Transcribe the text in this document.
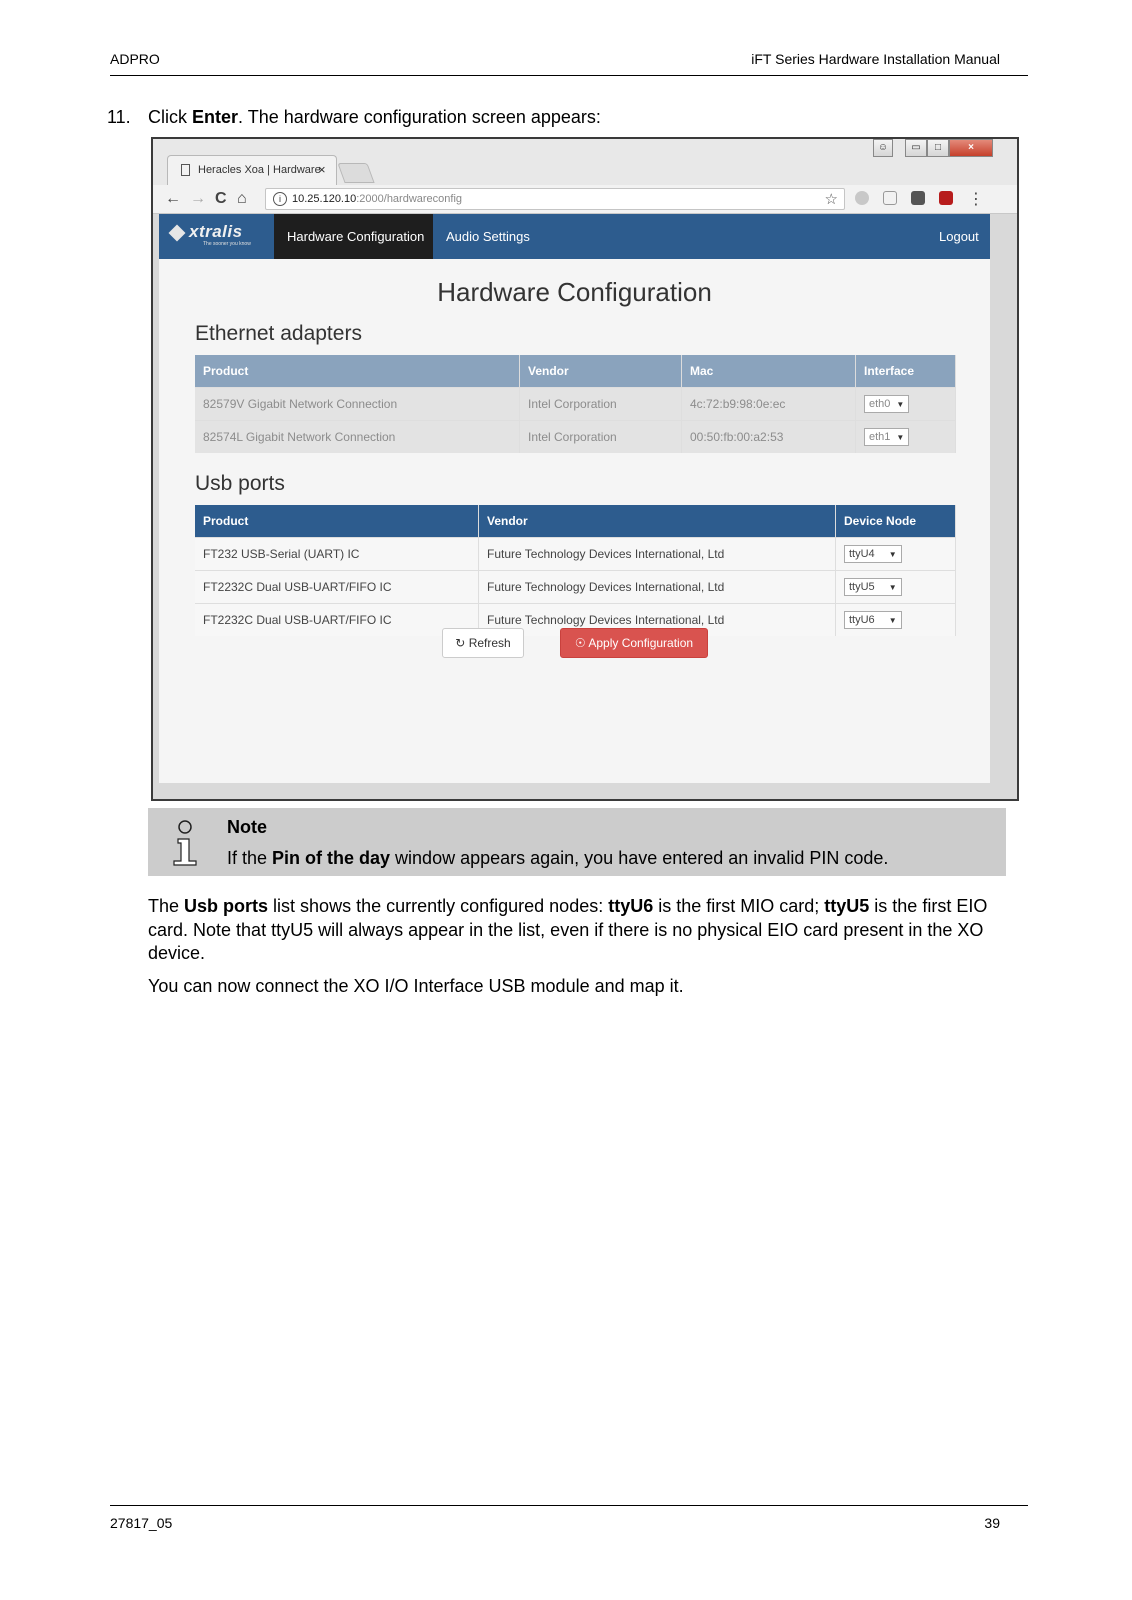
ADPRO	iFT Series Hardware Installation Manual
11. Click Enter. The hardware configuration screen appears:
Heracles Xoa | Hardware
×
☺	▭	□	×
← → C ⌂	i	10.25.120.10:2000/hardwareconfig	☆	⋮
xtralis
The sooner you know	Hardware Configuration Audio Settings	Logout
Hardware Configuration
Ethernet adapters
Product	Vendor	Mac	Interface
82579V Gigabit Network Connection	Intel Corporation	4c:72:b9:98:0e:ec	eth0 ▼
82574L Gigabit Network Connection	Intel Corporation	00:50:fb:00:a2:53	eth1 ▼
Usb ports
Product	Vendor	Device Node
FT232 USB-Serial (UART) IC	Future Technology Devices International, Ltd	ttyU4 ▼
FT2232C Dual USB-UART/FIFO IC	Future Technology Devices International, Ltd	ttyU5 ▼
FT2232C Dual USB-UART/FIFO IC	Future Technology Devices International, Ltd	ttyU6 ▼
↻ Refresh	☉ Apply Configuration
Note
If the Pin of the day window appears again, you have entered an invalid PIN code.
The Usb ports list shows the currently configured nodes: ttyU6 is the first MIO card; ttyU5 is the first EIO card. Note that ttyU5 will always appear in the list, even if there is no physical EIO card present in the XO device.
You can now connect the XO I/O Interface USB module and map it.
27817_05	39
